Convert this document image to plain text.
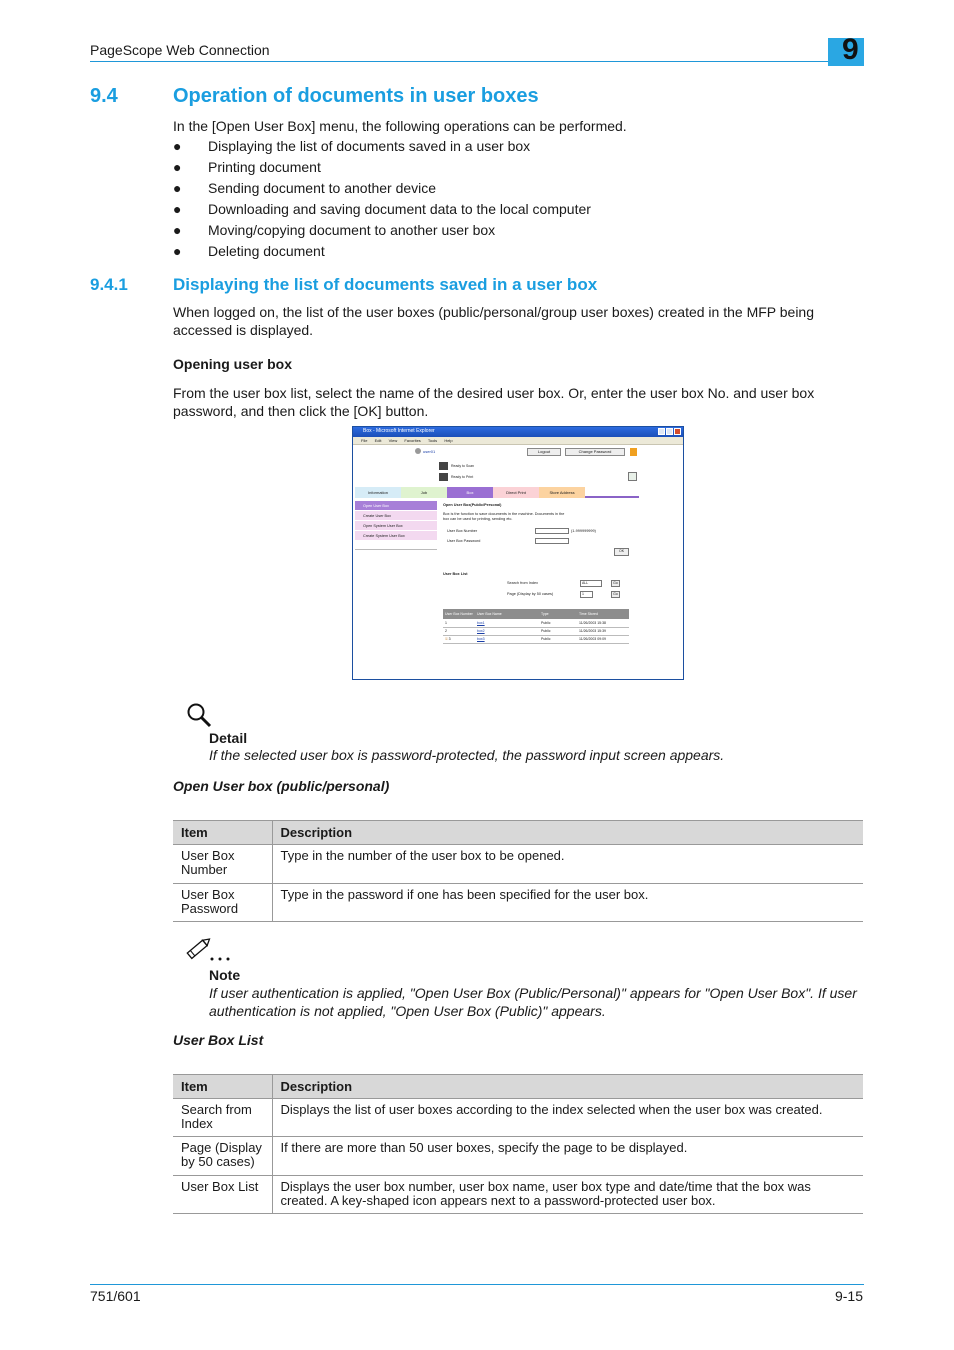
PageScope Web Connection	9
9.4	Operation of documents in user boxes
In the [Open User Box] menu, the following operations can be performed.
● Displaying the list of documents saved in a user box
● Printing document
● Sending document to another device
● Downloading and saving document data to the local computer
● Moving/copying document to another user box
● Deleting document
9.4.1	Displaying the list of documents saved in a user box
When logged on, the list of the user boxes (public/personal/group user boxes) created in the MFP being accessed is displayed.
Opening user box
From the user box list, select the name of the desired user box. Or, enter the user box No. and user box password, and then click the [OK] button.
Box - Microsoft Internet Explorer
File Edit View Favorites Tools Help
user01	Logout	Change Password
Ready to Scan
Ready to Print
Information	Job	Box	Direct Print	Store Address
Open User Box
Create User Box
Open System User Box
Create System User Box
Open User Box(Public/Personal)
Box is the function to save documents in the machine. Documents in the box can be used for printing, sending etc.
User Box Number	(1-999999999)
User Box Password
OK
User Box List
Search from Index	ALL	Go
Page (Display by 50 cases)	1	Go
User Box Number	User Box Name	Type	Time Stored
1	box1	Public	11/26/2003 15:38
2	box2	Public	11/26/2003 15:39
⚿ 3	box3	Public	11/26/2003 09:09
Detail
If the selected user box is password-protected, the password input screen appears.
Open User box (public/personal)
Item	Description
User Box Number	Type in the number of the user box to be opened.
User Box Password	Type in the password if one has been specified for the user box.
Note
If user authentication is applied, "Open User Box (Public/Personal)" appears for "Open User Box". If user authentication is not applied, "Open User Box (Public)" appears.
User Box List
Item	Description
Search from Index	Displays the list of user boxes according to the index selected when the user box was created.
Page (Display by 50 cases)	If there are more than 50 user boxes, specify the page to be displayed.
User Box List	Displays the user box number, user box name, user box type and date/time that the box was created. A key-shaped icon appears next to a password-protected user box.
751/601	9-15
